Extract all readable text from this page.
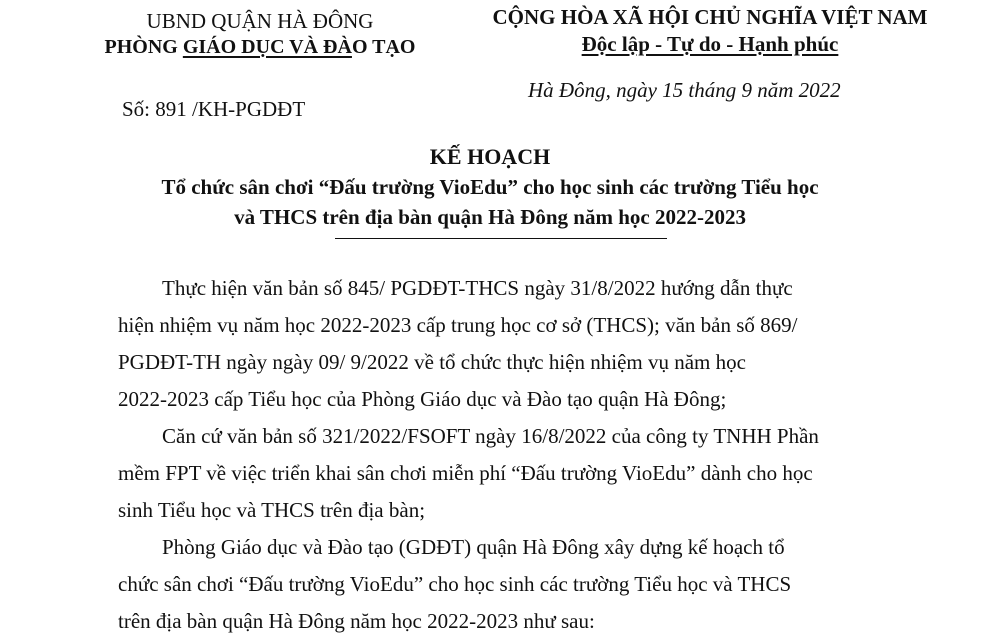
UBND QUẬN HÀ ĐÔNG
PHÒNG GIÁO DỤC VÀ ĐÀO TẠO
Số: 891 /KH-PGDĐT
CỘNG HÒA XÃ HỘI CHỦ NGHĨA VIỆT NAM
Độc lập - Tự do - Hạnh phúc
Hà Đông, ngày 15 tháng 9 năm 2022
KẾ HOẠCH
Tổ chức sân chơi “Đấu trường VioEdu” cho học sinh các trường Tiểu học
và THCS trên địa bàn quận Hà Đông năm học 2022-2023
Thực hiện văn bản số 845/ PGDĐT-THCS ngày 31/8/2022 hướng dẫn thực
hiện nhiệm vụ năm học 2022-2023 cấp trung học cơ sở (THCS); văn bản số 869/
PGDĐT-TH ngày ngày 09/ 9/2022 về tổ chức thực hiện nhiệm vụ năm học
2022-2023 cấp Tiểu học của Phòng Giáo dục và Đào tạo quận Hà Đông;
Căn cứ văn bản số 321/2022/FSOFT ngày 16/8/2022 của công ty TNHH Phần
mềm FPT về việc triển khai sân chơi miễn phí “Đấu trường VioEdu” dành cho học
sinh Tiểu học và THCS trên địa bàn;
Phòng Giáo dục và Đào tạo (GDĐT) quận Hà Đông xây dựng kế hoạch tổ
chức sân chơi “Đấu trường VioEdu” cho học sinh các trường Tiểu học và THCS
trên địa bàn quận Hà Đông năm học 2022-2023 như sau:
